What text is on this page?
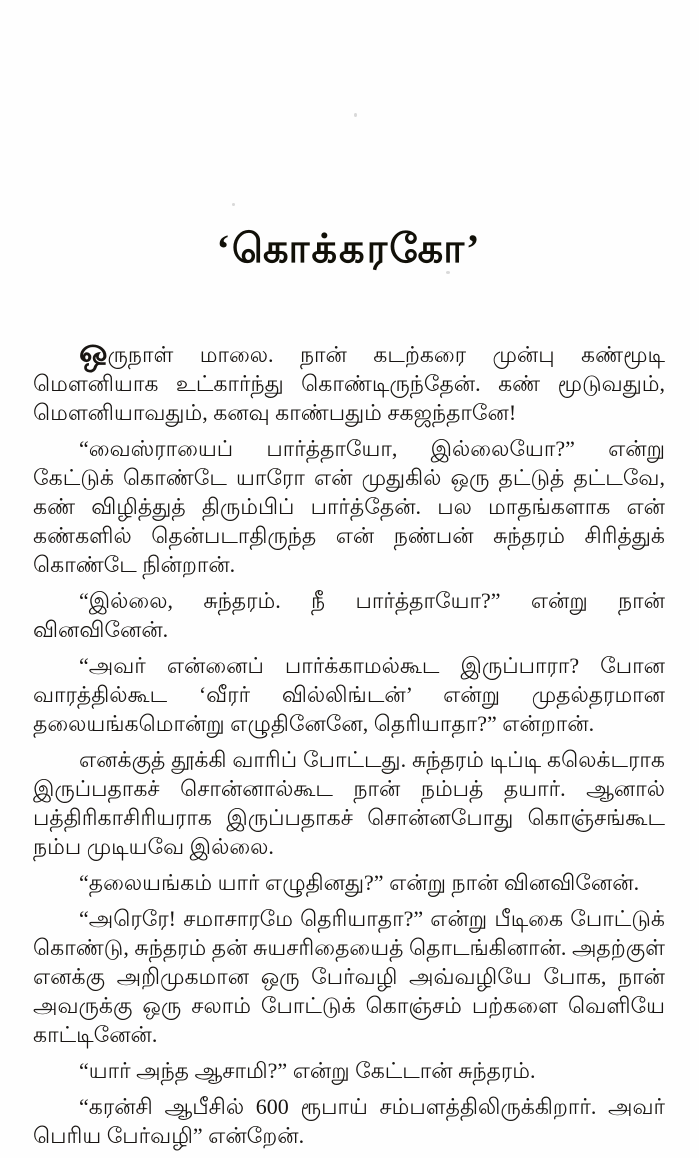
‘கொக்கரகோ’

ஒருநாள் மாலை. நான் கடற்கரை முன்பு கண்மூடி மௌனியாக உட்கார்ந்து கொண்டிருந்தேன். கண் மூடுவதும், மௌனியாவதும், கனவு காண்பதும் சகஜந்தானே!

“வைஸ்ராயைப் பார்த்தாயோ, இல்லையோ?” என்று கேட்டுக் கொண்டே யாரோ என் முதுகில் ஒரு தட்டுத் தட்டவே, கண் விழித்துத் திரும்பிப் பார்த்தேன். பல மாதங்களாக என் கண்களில் தென்படாதிருந்த என் நண்பன் சுந்தரம் சிரித்துக் கொண்டே நின்றான்.

“இல்லை, சுந்தரம். நீ பார்த்தாயோ?” என்று நான் வினவினேன்.

“அவர் என்னைப் பார்க்காமல்கூட இருப்பாரா? போன வாரத்தில்கூட ‘வீரர் வில்லிங்டன்’ என்று முதல்தரமான தலையங்கமொன்று எழுதினேனே, தெரியாதா?” என்றான்.

எனக்குத் தூக்கி வாரிப் போட்டது. சுந்தரம் டிப்டி கலெக்டராக இருப்பதாகச் சொன்னால்கூட நான் நம்பத் தயார். ஆனால் பத்திரிகாசிரியராக இருப்பதாகச் சொன்னபோது கொஞ்சங்கூட நம்ப முடியவே இல்லை.

“தலையங்கம் யார் எழுதினது?” என்று நான் வினவினேன்.

“அரெரே! சமாசாரமே தெரியாதா?” என்று பீடிகை போட்டுக் கொண்டு, சுந்தரம் தன் சுயசரிதையைத் தொடங்கினான். அதற்குள் எனக்கு அறிமுகமான ஒரு பேர்வழி அவ்வழியே போக, நான் அவருக்கு ஒரு சலாம் போட்டுக் கொஞ்சம் பற்களை வெளியே காட்டினேன்.

“யார் அந்த ஆசாமி?” என்று கேட்டான் சுந்தரம்.

“கரன்சி ஆபீசில் 600 ரூபாய் சம்பளத்திலிருக்கிறார். அவர் பெரிய பேர்வழி” என்றேன்.
